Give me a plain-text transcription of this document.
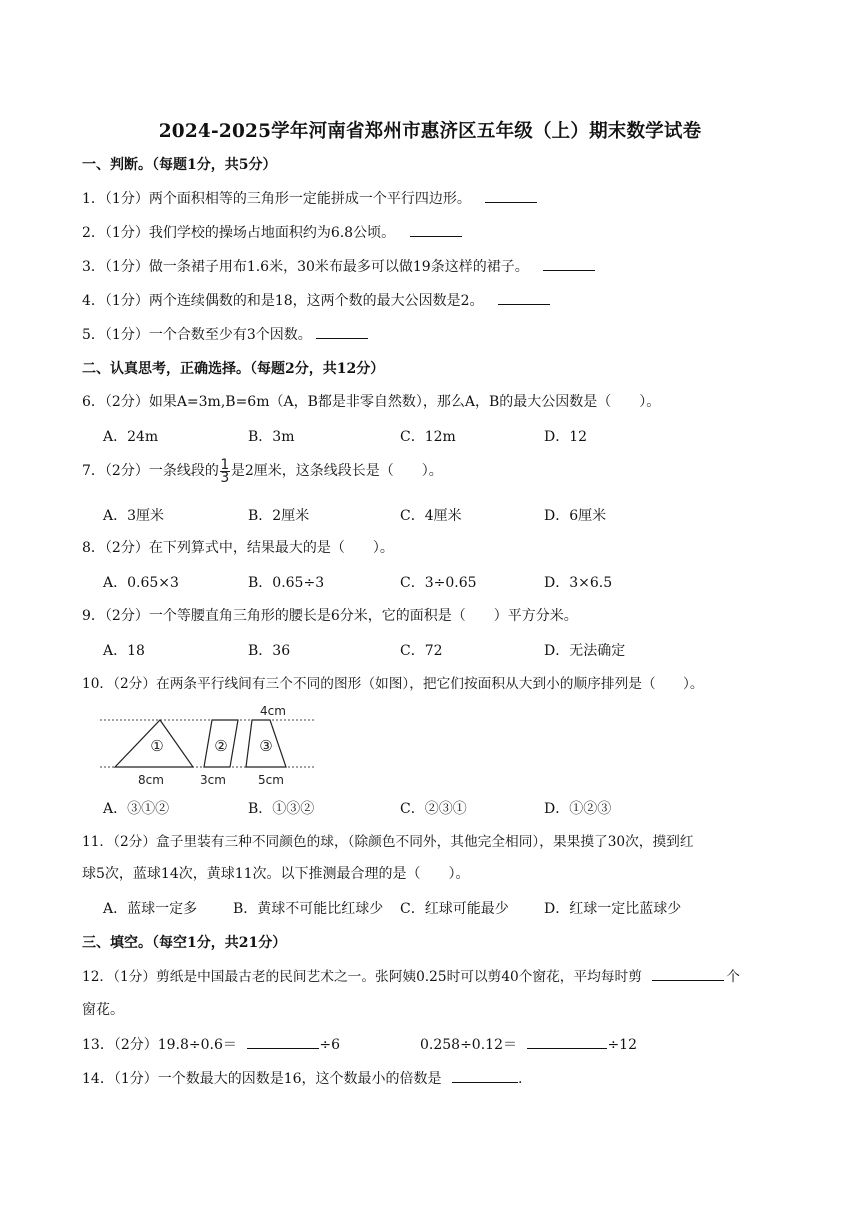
2024-2025学年河南省郑州市惠济区五年级（上）期末数学试卷
一、判断。（每题1分，共5分）
1．（1分）两个面积相等的三角形一定能拼成一个平行四边形。
2．（1分）我们学校的操场占地面积约为6.8公顷。
3．（1分）做一条裙子用布1.6米，30米布最多可以做19条这样的裙子。
4．（1分）两个连续偶数的和是18，这两个数的最大公因数是2。
5．（1分）一个合数至少有3个因数。
二、认真思考，正确选择。（每题2分，共12分）
6．（2分）如果A=3m,B=6m（A，B都是非零自然数），那么A，B的最大公因数是（　　）。
A．24m	B．3m	C．12m	D．12
7．（2分）一条线段的 $\frac{1}{3}$ 是2厘米，这条线段长是（　　）。
A．3厘米	B．2厘米	C．4厘米	D．6厘米
8．（2分）在下列算式中，结果最大的是（　　）。
A．0.65×3	B．0.65÷3	C．3÷0.65	D．3×6.5
9．（2分）一个等腰直角三角形的腰长是6分米，它的面积是（　　）平方分米。
A．18	B．36	C．72	D．无法确定
10．（2分）在两条平行线间有三个不同的图形（如图），把它们按面积从大到小的顺序排列是（　　）。
①	② ③
4cm
8cm	3cm	5cm
A．③①②	B．①③②	C．②③①	D．①②③
11．（2分）盒子里装有三种不同颜色的球，（除颜色不同外，其他完全相同），果果摸了30次，摸到红
球5次，蓝球14次，黄球11次。以下推测最合理的是（　　）。
A．蓝球一定多	B．黄球不可能比红球少 C．红球可能最少	D．红球一定比蓝球少
三、填空。（每空1分，共21分）
12．（1分）剪纸是中国最古老的民间艺术之一。张阿姨0.25时可以剪40个窗花，平均每时剪	个
窗花。
13．（2分）19.8÷0.6＝	÷6	0.258÷0.12＝	÷12
14．（1分）一个数最大的因数是16，这个数最小的倍数是	.
